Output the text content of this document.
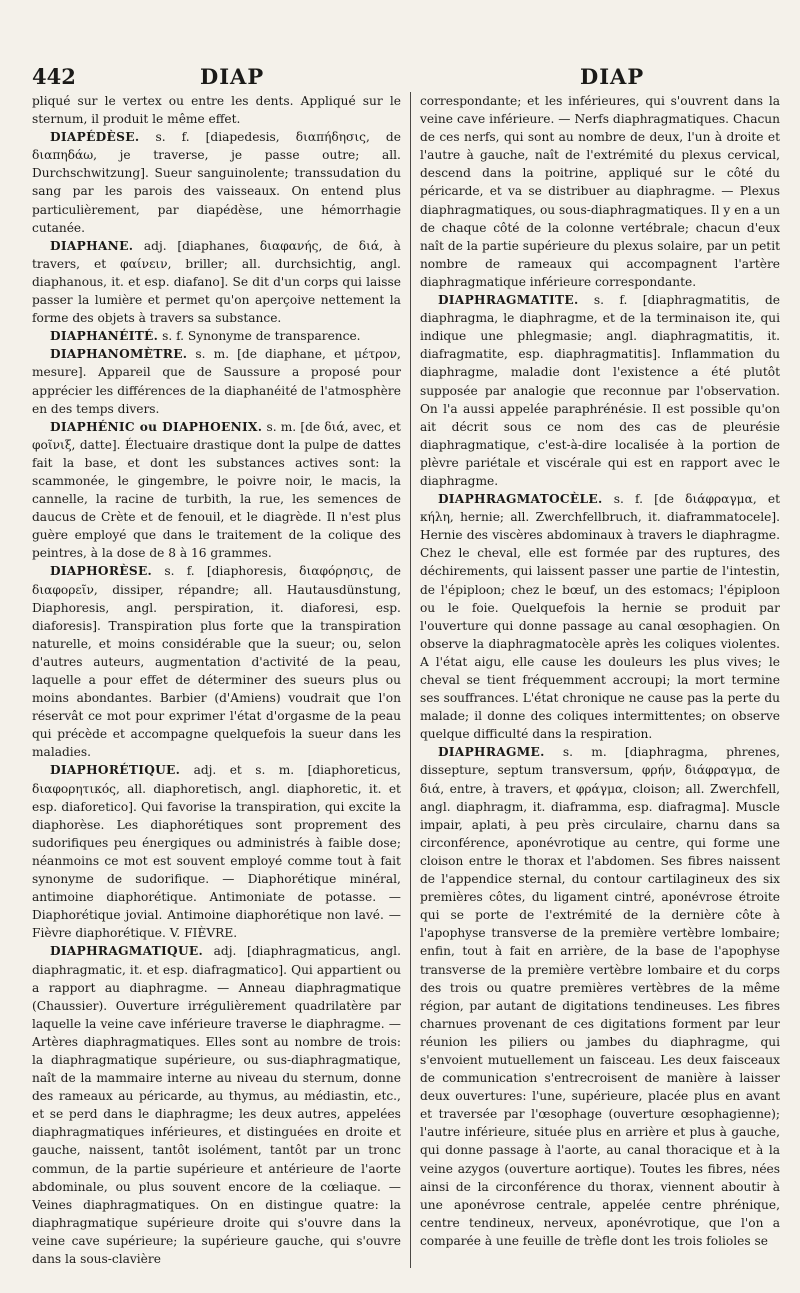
442	DIAP	DIAP

pliqué sur le vertex ou entre les dents. Appliqué sur le sternum, il produit le même effet.

DIAPÉDÈSE. s. f. [diapedesis, διαπήδησις, de διαπηδάω, je traverse, je passe outre; all. Durchschwitzung]. Sueur sanguinolente; transsudation du sang par les parois des vaisseaux. On entend plus particulièrement, par diapédèse, une hémorrhagie cutanée.

DIAPHANE. adj. [diaphanes, διαφανής, de διά, à travers, et φαίνειν, briller; all. durchsichtig, angl. diaphanous, it. et esp. diafano]. Se dit d'un corps qui laisse passer la lumière et permet qu'on aperçoive nettement la forme des objets à travers sa substance.

DIAPHANÉITÉ. s. f. Synonyme de transparence.

DIAPHANOMÈTRE. s. m. [de diaphane, et μέτρον, mesure]. Appareil que de Saussure a proposé pour apprécier les différences de la diaphanéité de l'atmosphère en des temps divers.

DIAPHÉNIC ou DIAPHOENIX. s. m. [de διά, avec, et φοῖνιξ, datte]. Électuaire drastique dont la pulpe de dattes fait la base, et dont les substances actives sont: la scammonée, le gingembre, le poivre noir, le macis, la cannelle, la racine de turbith, la rue, les semences de daucus de Crète et de fenouil, et le diagrède. Il n'est plus guère employé que dans le traitement de la colique des peintres, à la dose de 8 à 16 grammes.

DIAPHORÈSE. s. f. [diaphoresis, διαφόρησις, de διαφορεῖν, dissiper, répandre; all. Hautausdünstung, Diaphoresis, angl. perspiration, it. diaforesi, esp. diaforesis]. Transpiration plus forte que la transpiration naturelle, et moins considérable que la sueur; ou, selon d'autres auteurs, augmentation d'activité de la peau, laquelle a pour effet de déterminer des sueurs plus ou moins abondantes. Barbier (d'Amiens) voudrait que l'on réservât ce mot pour exprimer l'état d'orgasme de la peau qui précède et accompagne quelquefois la sueur dans les maladies.

DIAPHORÉTIQUE. adj. et s. m. [diaphoreticus, διαφορητικός, all. diaphoretisch, angl. diaphoretic, it. et esp. diaforetico]. Qui favorise la transpiration, qui excite la diaphorèse. Les diaphorétiques sont proprement des sudorifiques peu énergiques ou administrés à faible dose; néanmoins ce mot est souvent employé comme tout à fait synonyme de sudorifique. — Diaphorétique minéral, antimoine diaphorétique. Antimoniate de potasse. — Diaphorétique jovial. Antimoine diaphorétique non lavé. — Fièvre diaphorétique. V. FIÈVRE.

DIAPHRAGMATIQUE. adj. [diaphragmaticus, angl. diaphragmatic, it. et esp. diafragmatico]. Qui appartient ou a rapport au diaphragme. — Anneau diaphragmatique (Chaussier). Ouverture irrégulièrement quadrilatère par laquelle la veine cave inférieure traverse le diaphragme. — Artères diaphragmatiques. Elles sont au nombre de trois: la diaphragmatique supérieure, ou sus-diaphragmatique, naît de la mammaire interne au niveau du sternum, donne des rameaux au péricarde, au thymus, au médiastin, etc., et se perd dans le diaphragme; les deux autres, appelées diaphragmatiques inférieures, et distinguées en droite et gauche, naissent, tantôt isolément, tantôt par un tronc commun, de la partie supérieure et antérieure de l'aorte abdominale, ou plus souvent encore de la cœliaque. — Veines diaphragmatiques. On en distingue quatre: la diaphragmatique supérieure droite qui s'ouvre dans la veine cave supérieure; la supérieure gauche, qui s'ouvre dans la sous-clavière

correspondante; et les inférieures, qui s'ouvrent dans la veine cave inférieure. — Nerfs diaphragmatiques. Chacun de ces nerfs, qui sont au nombre de deux, l'un à droite et l'autre à gauche, naît de l'extrémité du plexus cervical, descend dans la poitrine, appliqué sur le côté du péricarde, et va se distribuer au diaphragme. — Plexus diaphragmatiques, ou sous-diaphragmatiques. Il y en a un de chaque côté de la colonne vertébrale; chacun d'eux naît de la partie supérieure du plexus solaire, par un petit nombre de rameaux qui accompagnent l'artère diaphragmatique inférieure correspondante.

DIAPHRAGMATITE. s. f. [diaphragmatitis, de diaphragma, le diaphragme, et de la terminaison ite, qui indique une phlegmasie; angl. diaphragmatitis, it. diafragmatite, esp. diaphragmatitis]. Inflammation du diaphragme, maladie dont l'existence a été plutôt supposée par analogie que reconnue par l'observation. On l'a aussi appelée paraphrénésie. Il est possible qu'on ait décrit sous ce nom des cas de pleurésie diaphragmatique, c'est-à-dire localisée à la portion de plèvre pariétale et viscérale qui est en rapport avec le diaphragme.

DIAPHRAGMATOCÈLE. s. f. [de διάφραγμα, et κήλη, hernie; all. Zwerchfellbruch, it. diaframmatocele]. Hernie des viscères abdominaux à travers le diaphragme. Chez le cheval, elle est formée par des ruptures, des déchirements, qui laissent passer une partie de l'intestin, de l'épiploon; chez le bœuf, un des estomacs; l'épiploon ou le foie. Quelquefois la hernie se produit par l'ouverture qui donne passage au canal œsophagien. On observe la diaphragmatocèle après les coliques violentes. A l'état aigu, elle cause les douleurs les plus vives; le cheval se tient fréquemment accroupi; la mort termine ses souffrances. L'état chronique ne cause pas la perte du malade; il donne des coliques intermittentes; on observe quelque difficulté dans la respiration.

DIAPHRAGME. s. m. [diaphragma, phrenes, dissepture, septum transversum, φρήν, διάφραγμα, de διά, entre, à travers, et φράγμα, cloison; all. Zwerchfell, angl. diaphragm, it. diaframma, esp. diafragma]. Muscle impair, aplati, à peu près circulaire, charnu dans sa circonférence, aponévrotique au centre, qui forme une cloison entre le thorax et l'abdomen. Ses fibres naissent de l'appendice sternal, du contour cartilagineux des six premières côtes, du ligament cintré, aponévrose étroite qui se porte de l'extrémité de la dernière côte à l'apophyse transverse de la première vertèbre lombaire; enfin, tout à fait en arrière, de la base de l'apophyse transverse de la première vertèbre lombaire et du corps des trois ou quatre premières vertèbres de la même région, par autant de digitations tendineuses. Les fibres charnues provenant de ces digitations forment par leur réunion les piliers ou jambes du diaphragme, qui s'envoient mutuellement un faisceau. Les deux faisceaux de communication s'entrecroisent de manière à laisser deux ouvertures: l'une, supérieure, placée plus en avant et traversée par l'œsophage (ouverture œsophagienne); l'autre inférieure, située plus en arrière et plus à gauche, qui donne passage à l'aorte, au canal thoracique et à la veine azygos (ouverture aortique). Toutes les fibres, nées ainsi de la circonférence du thorax, viennent aboutir à une aponévrose centrale, appelée centre phrénique, centre tendineux, nerveux, aponévrotique, que l'on a comparée à une feuille de trèfle dont les trois folioles se
